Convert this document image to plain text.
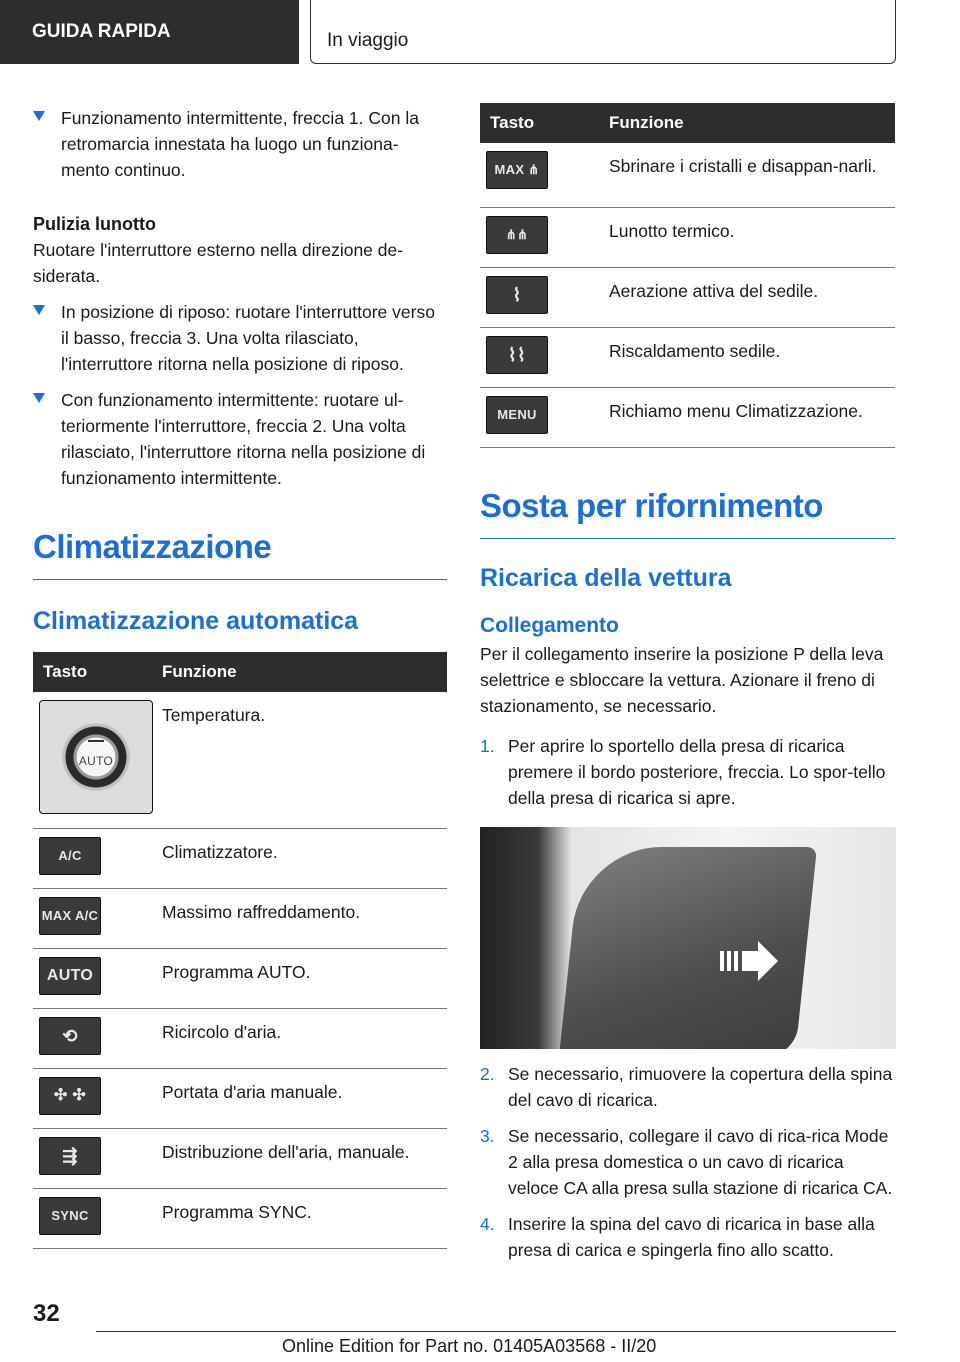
GUIDA RAPIDA	In viaggio
Funzionamento intermittente, freccia 1. Con la retromarcia innestata ha luogo un funziona‐mento continuo.
Pulizia lunotto

Ruotare l'interruttore esterno nella direzione de‐siderata.

In posizione di riposo: ruotare l'interruttore verso il basso, freccia 3. Una volta rilasciato, l'interruttore ritorna nella posizione di riposo.
Con funzionamento intermittente: ruotare ul‐teriormente l'interruttore, freccia 2. Una volta rilasciato, l'interruttore ritorna nella posizione di funzionamento intermittente.
Climatizzazione
Climatizzazione automatica
Tasto	Funzione

AUTO	Temperatura.

A/C	Climatizzatore.

MAX A/C	Massimo raffreddamento.

AUTO	Programma AUTO.

⟲	Ricircolo d'aria.

✣ ✣	Portata d'aria manuale.

⇶	Distribuzione dell'aria, manuale.

SYNC	Programma SYNC.
Tasto	Funzione

MAX ⋔	Sbrinare i cristalli e disappan‐narli.

⋔⋔	Lunotto termico.

⌇	Aerazione attiva del sedile.

⌇⌇	Riscaldamento sedile.

MENU	Richiamo menu Climatizzazione.
Sosta per rifornimento
Ricarica della vettura
Collegamento

Per il collegamento inserire la posizione P della leva selettrice e sbloccare la vettura. Azionare il freno di stazionamento, se necessario.

1. Per aprire lo sportello della presa di ricarica premere il bordo posteriore, freccia. Lo spor‐tello della presa di ricarica si apre.
2. Se necessario, rimuovere la copertura della spina del cavo di ricarica.
3. Se necessario, collegare il cavo di rica‐rica Mode 2 alla presa domestica o un cavo di ricarica veloce CA alla presa sulla stazione di ricarica CA.
4. Inserire la spina del cavo di ricarica in base alla presa di carica e spingerla fino allo scatto.
32
Online Edition for Part no. 01405A03568 - II/20
